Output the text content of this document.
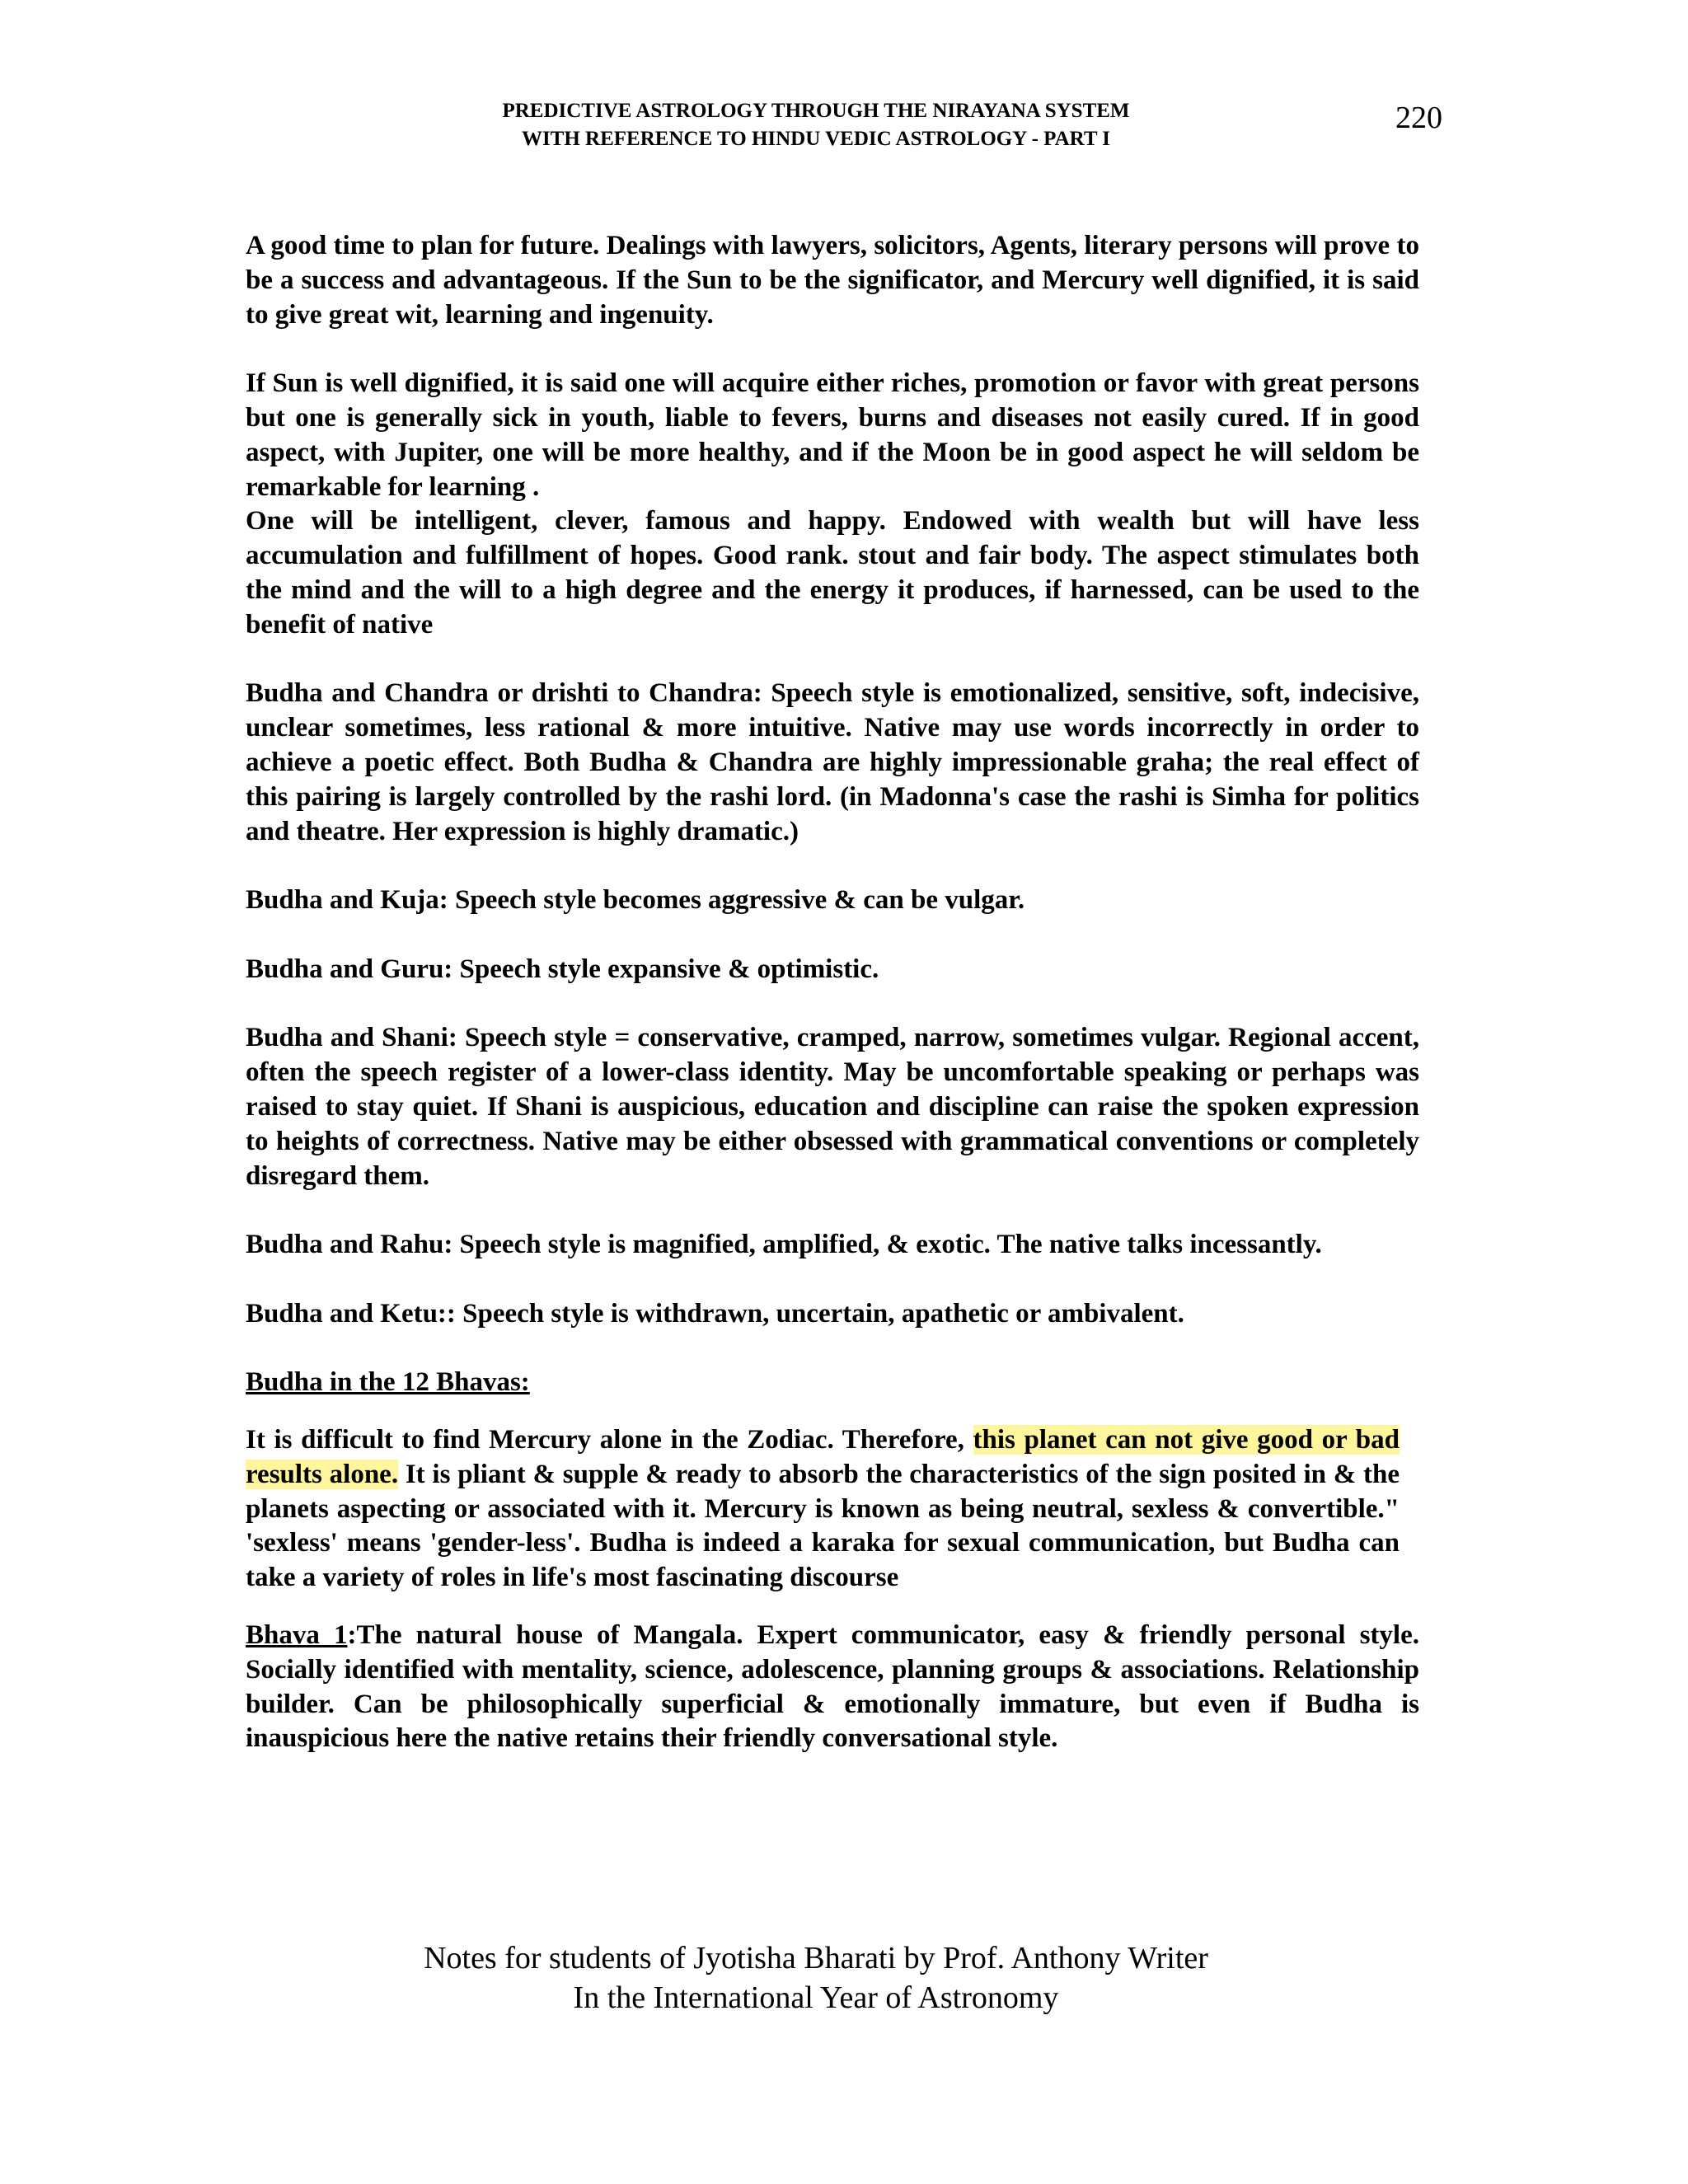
PREDICTIVE ASTROLOGY THROUGH THE NIRAYANA SYSTEM
WITH REFERENCE TO HINDU VEDIC ASTROLOGY - PART I
220

A good time to plan for future. Dealings with lawyers, solicitors, Agents, literary persons will prove to be a success and advantageous. If the Sun to be the significator, and Mercury well dignified, it is said to give great wit, learning and ingenuity.

If Sun is well dignified, it is said one will acquire either riches, promotion or favor with great persons but one is generally sick in youth, liable to fevers, burns and diseases not easily cured. If in good aspect, with Jupiter, one will be more healthy, and if the Moon be in good aspect he will seldom be remarkable for learning .

One will be intelligent, clever, famous and happy. Endowed with wealth but will have less accumulation and fulfillment of hopes. Good rank. stout and fair body. The aspect stimulates both the mind and the will to a high degree and the energy it produces, if harnessed, can be used to the benefit of native

Budha and Chandra or drishti to Chandra: Speech style is emotionalized, sensitive, soft, indecisive, unclear sometimes, less rational & more intuitive. Native may use words incorrectly in order to achieve a poetic effect. Both Budha & Chandra are highly impressionable graha; the real effect of this pairing is largely controlled by the rashi lord. (in Madonna's case the rashi is Simha for politics and theatre. Her expression is highly dramatic.)

Budha and Kuja: Speech style becomes aggressive & can be vulgar.

Budha and Guru: Speech style expansive & optimistic.

Budha and Shani: Speech style = conservative, cramped, narrow, sometimes vulgar. Regional accent, often the speech register of a lower-class identity. May be uncomfortable speaking or perhaps was raised to stay quiet. If Shani is auspicious, education and discipline can raise the spoken expression to heights of correctness. Native may be either obsessed with grammatical conventions or completely disregard them.

Budha and Rahu: Speech style is magnified, amplified, & exotic. The native talks incessantly.

Budha and Ketu:: Speech style is withdrawn, uncertain, apathetic or ambivalent.

Budha in the 12 Bhavas:

It is difficult to find Mercury alone in the Zodiac. Therefore, this planet can not give good or bad results alone. It is pliant & supple & ready to absorb the characteristics of the sign posited in & the planets aspecting or associated with it. Mercury is known as being neutral, sexless & convertible." 'sexless' means 'gender-less'. Budha is indeed a karaka for sexual communication, but Budha can take a variety of roles in life's most fascinating discourse

Bhava 1:The natural house of Mangala. Expert communicator, easy & friendly personal style. Socially identified with mentality, science, adolescence, planning groups & associations. Relationship builder. Can be philosophically superficial & emotionally immature, but even if Budha is inauspicious here the native retains their friendly conversational style.

Notes for students of Jyotisha Bharati by Prof. Anthony Writer
In the International Year of Astronomy
